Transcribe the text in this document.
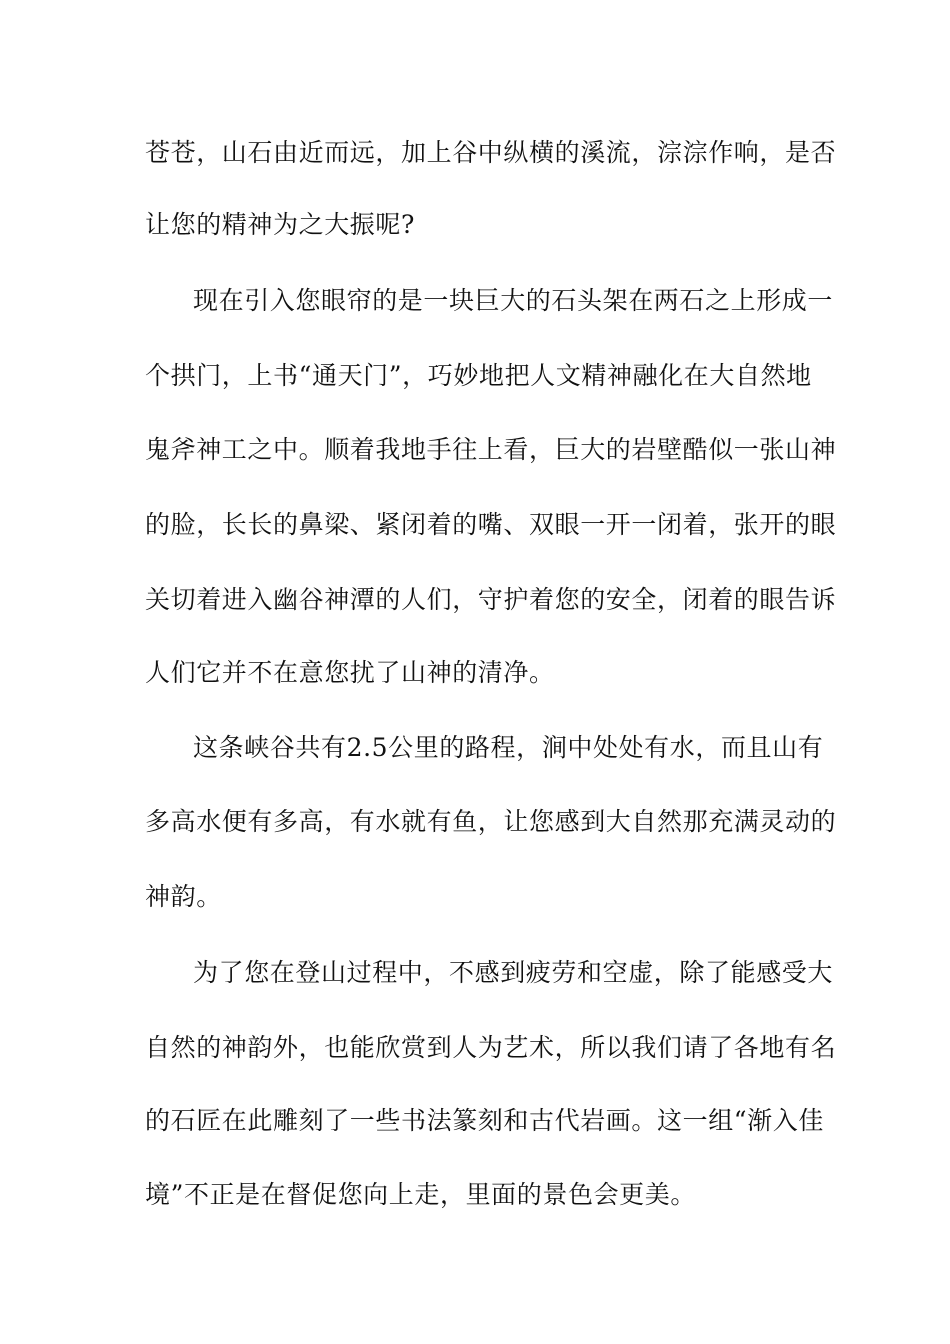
苍苍，山石由近而远，加上谷中纵横的溪流，淙淙作响，是否
让您的精神为之大振呢?
现在引入您眼帘的是一块巨大的石头架在两石之上形成一
个拱门，上书“通天门”，巧妙地把人文精神融化在大自然地
鬼斧神工之中。顺着我地手往上看，巨大的岩壁酷似一张山神
的脸，长长的鼻梁、紧闭着的嘴、双眼一开一闭着，张开的眼
关切着进入幽谷神潭的人们，守护着您的安全，闭着的眼告诉
人们它并不在意您扰了山神的清净。
这条峡谷共有2.5公里的路程，涧中处处有水，而且山有
多高水便有多高，有水就有鱼，让您感到大自然那充满灵动的
神韵。
为了您在登山过程中，不感到疲劳和空虚，除了能感受大
自然的神韵外，也能欣赏到人为艺术，所以我们请了各地有名
的石匠在此雕刻了一些书法篆刻和古代岩画。这一组“渐入佳
境”不正是在督促您向上走，里面的景色会更美。
